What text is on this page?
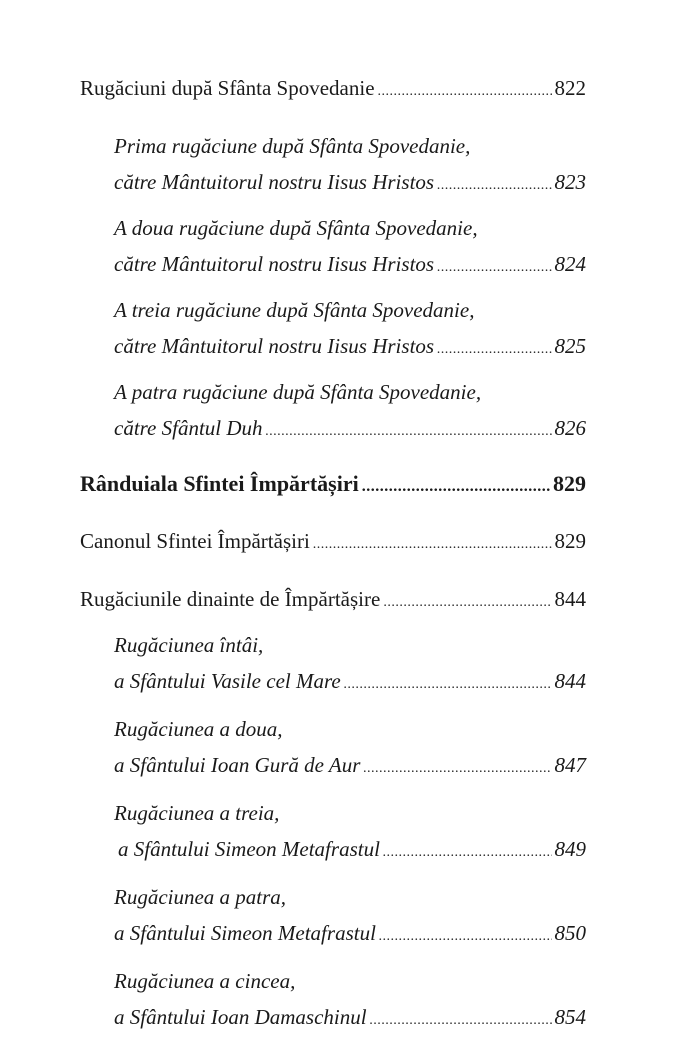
Rugăciuni după Sfânta Spovedanie .....	822
Prima rugăciune după Sfânta Spovedanie,
către Mântuitorul nostru Iisus Hristos .....	823
A doua rugăciune după Sfânta Spovedanie,
către Mântuitorul nostru Iisus Hristos .....	824
A treia rugăciune după Sfânta Spovedanie,
către Mântuitorul nostru Iisus Hristos .....	825
A patra rugăciune după Sfânta Spovedanie,
către Sfântul Duh .....	826
Rânduiala Sfintei Împărtășiri .....	829
Canonul Sfintei Împărtășiri .....	829
Rugăciunile dinainte de Împărtășire .....	844
Rugăciunea întâi,
a Sfântului Vasile cel Mare .....	844
Rugăciunea a doua,
a Sfântului Ioan Gură de Aur .....	847
Rugăciunea a treia,
a Sfântului Simeon Metafrastul .....	849
Rugăciunea a patra,
a Sfântului Simeon Metafrastul .....	850
Rugăciunea a cincea,
a Sfântului Ioan Damaschinul .....	854
